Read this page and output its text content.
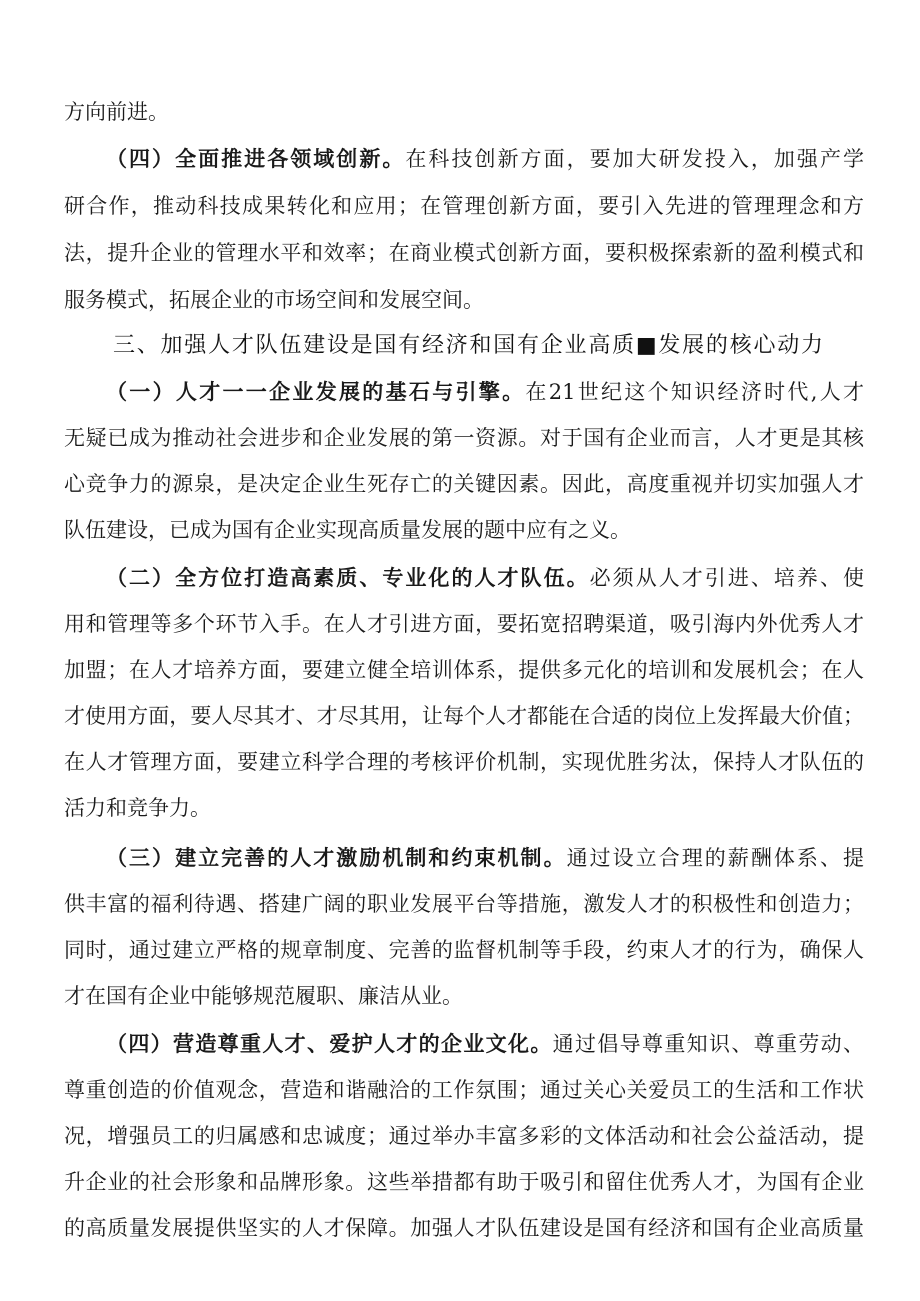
方向前进。
（四）全面推进各领域创新。在科技创新方面，要加大研发投入，加强产学
研合作，推动科技成果转化和应用；在管理创新方面，要引入先进的管理理念和方
法，提升企业的管理水平和效率；在商业模式创新方面，要积极探索新的盈利模式和
服务模式，拓展企业的市场空间和发展空间。
三、加强人才队伍建设是国有经济和国有企业高质■发展的核心动力
（一）人才一一企业发展的基石与引擎。在21世纪这个知识经济时代,人才
无疑已成为推动社会进步和企业发展的第一资源。对于国有企业而言，人才更是其核
心竞争力的源泉，是决定企业生死存亡的关键因素。因此，高度重视并切实加强人才
队伍建设，已成为国有企业实现高质量发展的题中应有之义。
（二）全方位打造高素质、专业化的人才队伍。必须从人才引进、培养、使
用和管理等多个环节入手。在人才引进方面，要拓宽招聘渠道，吸引海内外优秀人才
加盟；在人才培养方面，要建立健全培训体系，提供多元化的培训和发展机会；在人
才使用方面，要人尽其才、才尽其用，让每个人才都能在合适的岗位上发挥最大价值；
在人才管理方面，要建立科学合理的考核评价机制，实现优胜劣汰，保持人才队伍的
活力和竞争力。
（三）建立完善的人才激励机制和约束机制。通过设立合理的薪酬体系、提
供丰富的福利待遇、搭建广阔的职业发展平台等措施，激发人才的积极性和创造力；
同时，通过建立严格的规章制度、完善的监督机制等手段，约束人才的行为，确保人
才在国有企业中能够规范履职、廉洁从业。
（四）营造尊重人才、爱护人才的企业文化。通过倡导尊重知识、尊重劳动、
尊重创造的价值观念，营造和谐融洽的工作氛围；通过关心关爱员工的生活和工作状
况，增强员工的归属感和忠诚度；通过举办丰富多彩的文体活动和社会公益活动，提
升企业的社会形象和品牌形象。这些举措都有助于吸引和留住优秀人才，为国有企业
的高质量发展提供坚实的人才保障。加强人才队伍建设是国有经济和国有企业高质量
